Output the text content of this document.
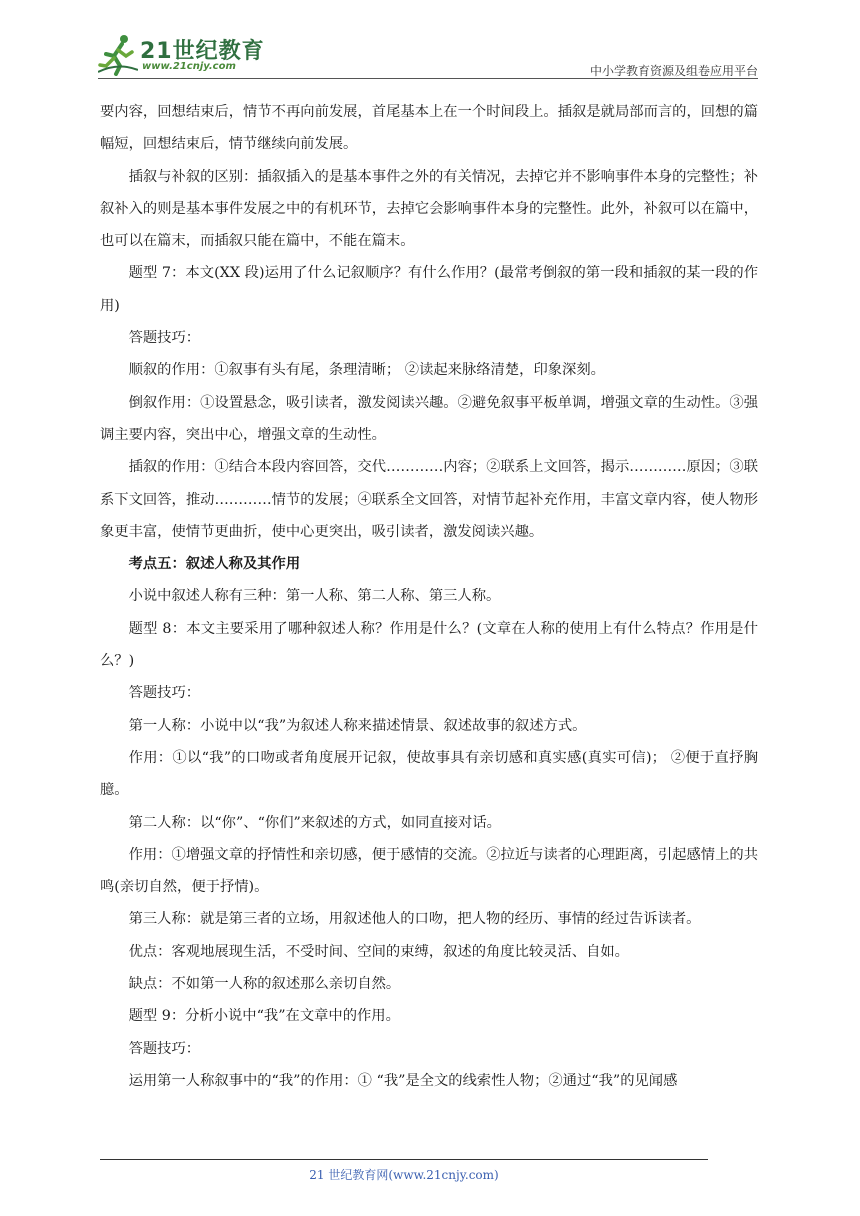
21世纪教育
www.21cnjy.com	中小学教育资源及组卷应用平台

要内容，回想结束后，情节不再向前发展，首尾基本上在一个时间段上。插叙是就局部而言的，回想的篇幅短，回想结束后，情节继续向前发展。

插叙与补叙的区别：插叙插入的是基本事件之外的有关情况，去掉它并不影响事件本身的完整性；补叙补入的则是基本事件发展之中的有机环节，去掉它会影响事件本身的完整性。此外，补叙可以在篇中，也可以在篇末，而插叙只能在篇中，不能在篇末。

题型 7：本文(XX 段)运用了什么记叙顺序？有什么作用？(最常考倒叙的第一段和插叙的某一段的作用)

答题技巧：

顺叙的作用：①叙事有头有尾，条理清晰； ②读起来脉络清楚，印象深刻。

倒叙作用：①设置悬念，吸引读者，激发阅读兴趣。②避免叙事平板单调，增强文章的生动性。③强调主要内容，突出中心，增强文章的生动性。

插叙的作用：①结合本段内容回答，交代…………内容；②联系上文回答，揭示…………原因；③联系下文回答，推动…………情节的发展；④联系全文回答，对情节起补充作用，丰富文章内容，使人物形象更丰富，使情节更曲折，使中心更突出，吸引读者，激发阅读兴趣。

考点五：叙述人称及其作用

小说中叙述人称有三种：第一人称、第二人称、第三人称。

题型 8：本文主要采用了哪种叙述人称？作用是什么？(文章在人称的使用上有什么特点？作用是什么？)

答题技巧：

第一人称：小说中以“我”为叙述人称来描述情景、叙述故事的叙述方式。

作用：①以“我”的口吻或者角度展开记叙，使故事具有亲切感和真实感(真实可信)； ②便于直抒胸臆。

第二人称：以“你”、“你们”来叙述的方式，如同直接对话。

作用：①增强文章的抒情性和亲切感，便于感情的交流。②拉近与读者的心理距离，引起感情上的共鸣(亲切自然，便于抒情)。

第三人称：就是第三者的立场，用叙述他人的口吻，把人物的经历、事情的经过告诉读者。

优点：客观地展现生活，不受时间、空间的束缚，叙述的角度比较灵活、自如。

缺点：不如第一人称的叙述那么亲切自然。

题型 9：分析小说中“我”在文章中的作用。

答题技巧：

运用第一人称叙事中的“我”的作用：① “我”是全文的线索性人物；②通过“我”的见闻感

21 世纪教育网(www.21cnjy.com)
